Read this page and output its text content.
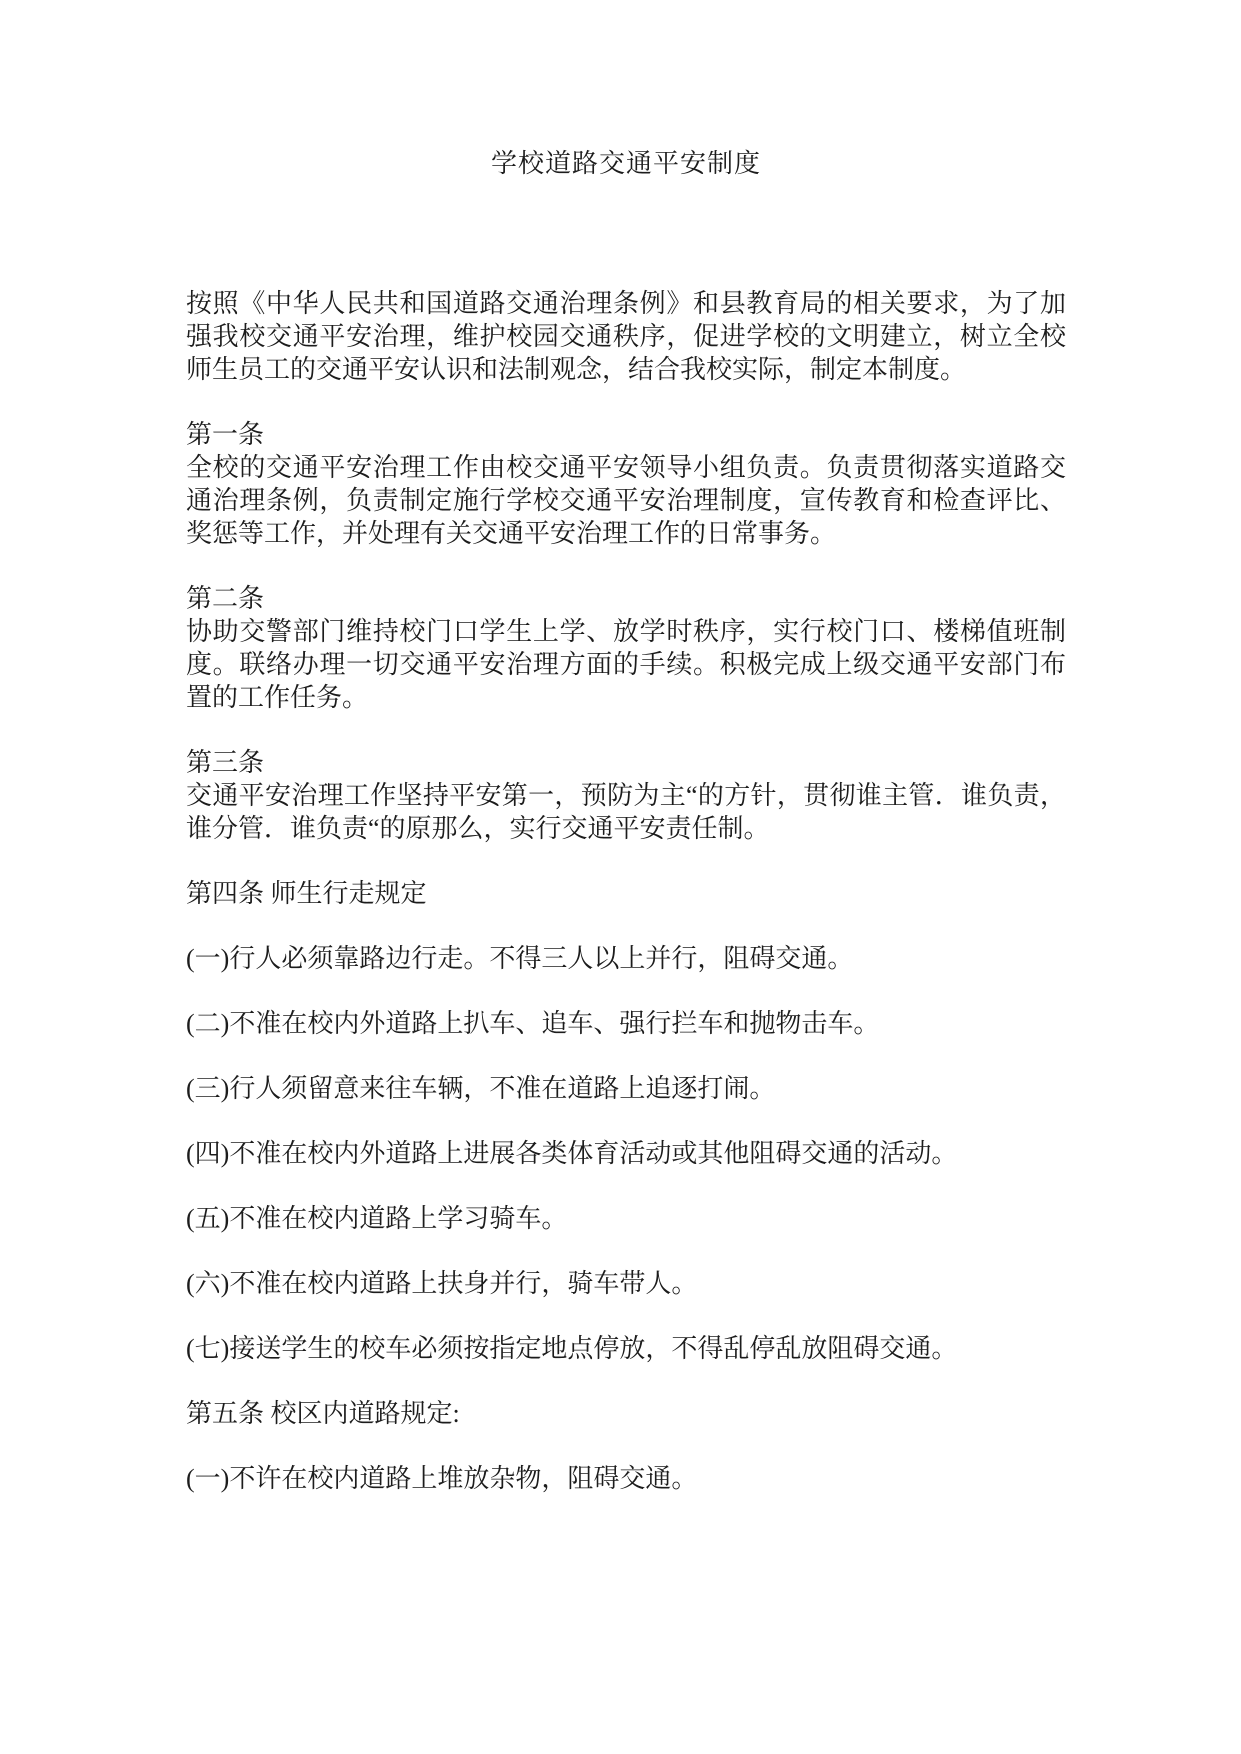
学校道路交通平安制度
按照《中华人民共和国道路交通治理条例》和县教育局的相关要求，为了加强我校交通平安治理，维护校园交通秩序，促进学校的文明建立，树立全校师生员工的交通平安认识和法制观念，结合我校实际，制定本制度。
第一条
全校的交通平安治理工作由校交通平安领导小组负责。负责贯彻落实道路交通治理条例，负责制定施行学校交通平安治理制度，宣传教育和检查评比、奖惩等工作，并处理有关交通平安治理工作的日常事务。
第二条
协助交警部门维持校门口学生上学、放学时秩序，实行校门口、楼梯值班制度。联络办理一切交通平安治理方面的手续。积极完成上级交通平安部门布置的工作任务。
第三条
交通平安治理工作坚持平安第一，预防为主“的方针，贯彻谁主管．谁负责，谁分管．谁负责“的原那么，实行交通平安责任制。
第四条 师生行走规定
(一)行人必须靠路边行走。不得三人以上并行，阻碍交通。
(二)不准在校内外道路上扒车、追车、强行拦车和抛物击车。
(三)行人须留意来往车辆，不准在道路上追逐打闹。
(四)不准在校内外道路上进展各类体育活动或其他阻碍交通的活动。
(五)不准在校内道路上学习骑车。
(六)不准在校内道路上扶身并行，骑车带人。
(七)接送学生的校车必须按指定地点停放，不得乱停乱放阻碍交通。
第五条 校区内道路规定:
(一)不许在校内道路上堆放杂物，阻碍交通。
